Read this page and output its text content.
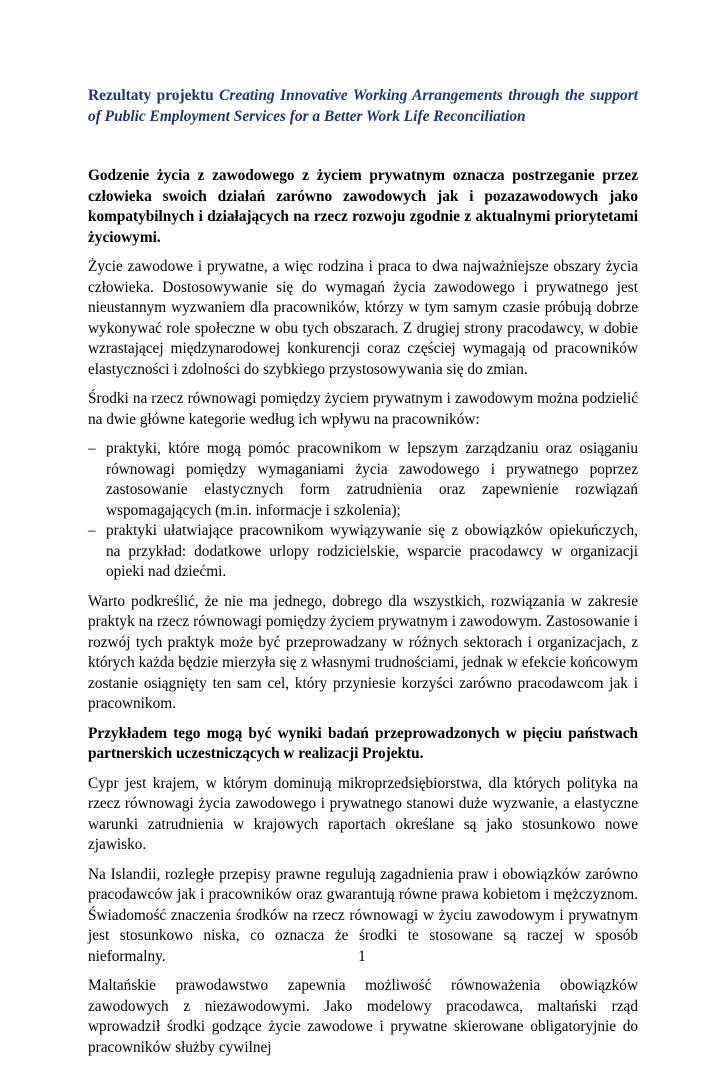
Rezultaty projektu Creating Innovative Working Arrangements through the support of Public Employment Services for a Better Work Life Reconciliation

Godzenie życia z zawodowego z życiem prywatnym oznacza postrzeganie przez człowieka swoich działań zarówno zawodowych jak i pozazawodowych jako kompatybilnych i działających na rzecz rozwoju zgodnie z aktualnymi priorytetami życiowymi.

Życie zawodowe i prywatne, a więc rodzina i praca to dwa najważniejsze obszary życia człowieka. Dostosowywanie się do wymagań życia zawodowego i prywatnego jest nieustannym wyzwaniem dla pracowników, którzy w tym samym czasie próbują dobrze wykonywać role społeczne w obu tych obszarach. Z drugiej strony pracodawcy, w dobie wzrastającej międzynarodowej konkurencji coraz częściej wymagają od pracowników elastyczności i zdolności do szybkiego przystosowywania się do zmian.

Środki na rzecz równowagi pomiędzy życiem prywatnym i zawodowym można podzielić na dwie główne kategorie według ich wpływu na pracowników:

– praktyki, które mogą pomóc pracownikom w lepszym zarządzaniu oraz osiąganiu równowagi pomiędzy wymaganiami życia zawodowego i prywatnego poprzez zastosowanie elastycznych form zatrudnienia oraz zapewnienie rozwiązań wspomagających (m.in. informacje i szkolenia);
– praktyki ułatwiające pracownikom wywiązywanie się z obowiązków opiekuńczych, na przykład: dodatkowe urlopy rodzicielskie, wsparcie pracodawcy w organizacji opieki nad dziećmi.

Warto podkreślić, że nie ma jednego, dobrego dla wszystkich, rozwiązania w zakresie praktyk na rzecz równowagi pomiędzy życiem prywatnym i zawodowym. Zastosowanie i rozwój tych praktyk może być przeprowadzany w różnych sektorach i organizacjach, z których każda będzie mierzyła się z własnymi trudnościami, jednak w efekcie końcowym zostanie osiągnięty ten sam cel, który przyniesie korzyści zarówno pracodawcom jak i pracownikom.

Przykładem tego mogą być wyniki badań przeprowadzonych w pięciu państwach partnerskich uczestniczących w realizacji Projektu.

Cypr jest krajem, w którym dominują mikroprzedsiębiorstwa, dla których polityka na rzecz równowagi życia zawodowego i prywatnego stanowi duże wyzwanie, a elastyczne warunki zatrudnienia w krajowych raportach określane są jako stosunkowo nowe zjawisko.

Na Islandii, rozległe przepisy prawne regulują zagadnienia praw i obowiązków zarówno pracodawców jak i pracowników oraz gwarantują równe prawa kobietom i mężczyznom. Świadomość znaczenia środków na rzecz równowagi w życiu zawodowym i prywatnym jest stosunkowo niska, co oznacza że środki te stosowane są raczej w sposób nieformalny.

Maltańskie prawodawstwo zapewnia możliwość równoważenia obowiązków zawodowych z niezawodowymi. Jako modelowy pracodawca, maltański rząd wprowadził środki godzące życie zawodowe i prywatne skierowane obligatoryjnie do pracowników służby cywilnej

1
